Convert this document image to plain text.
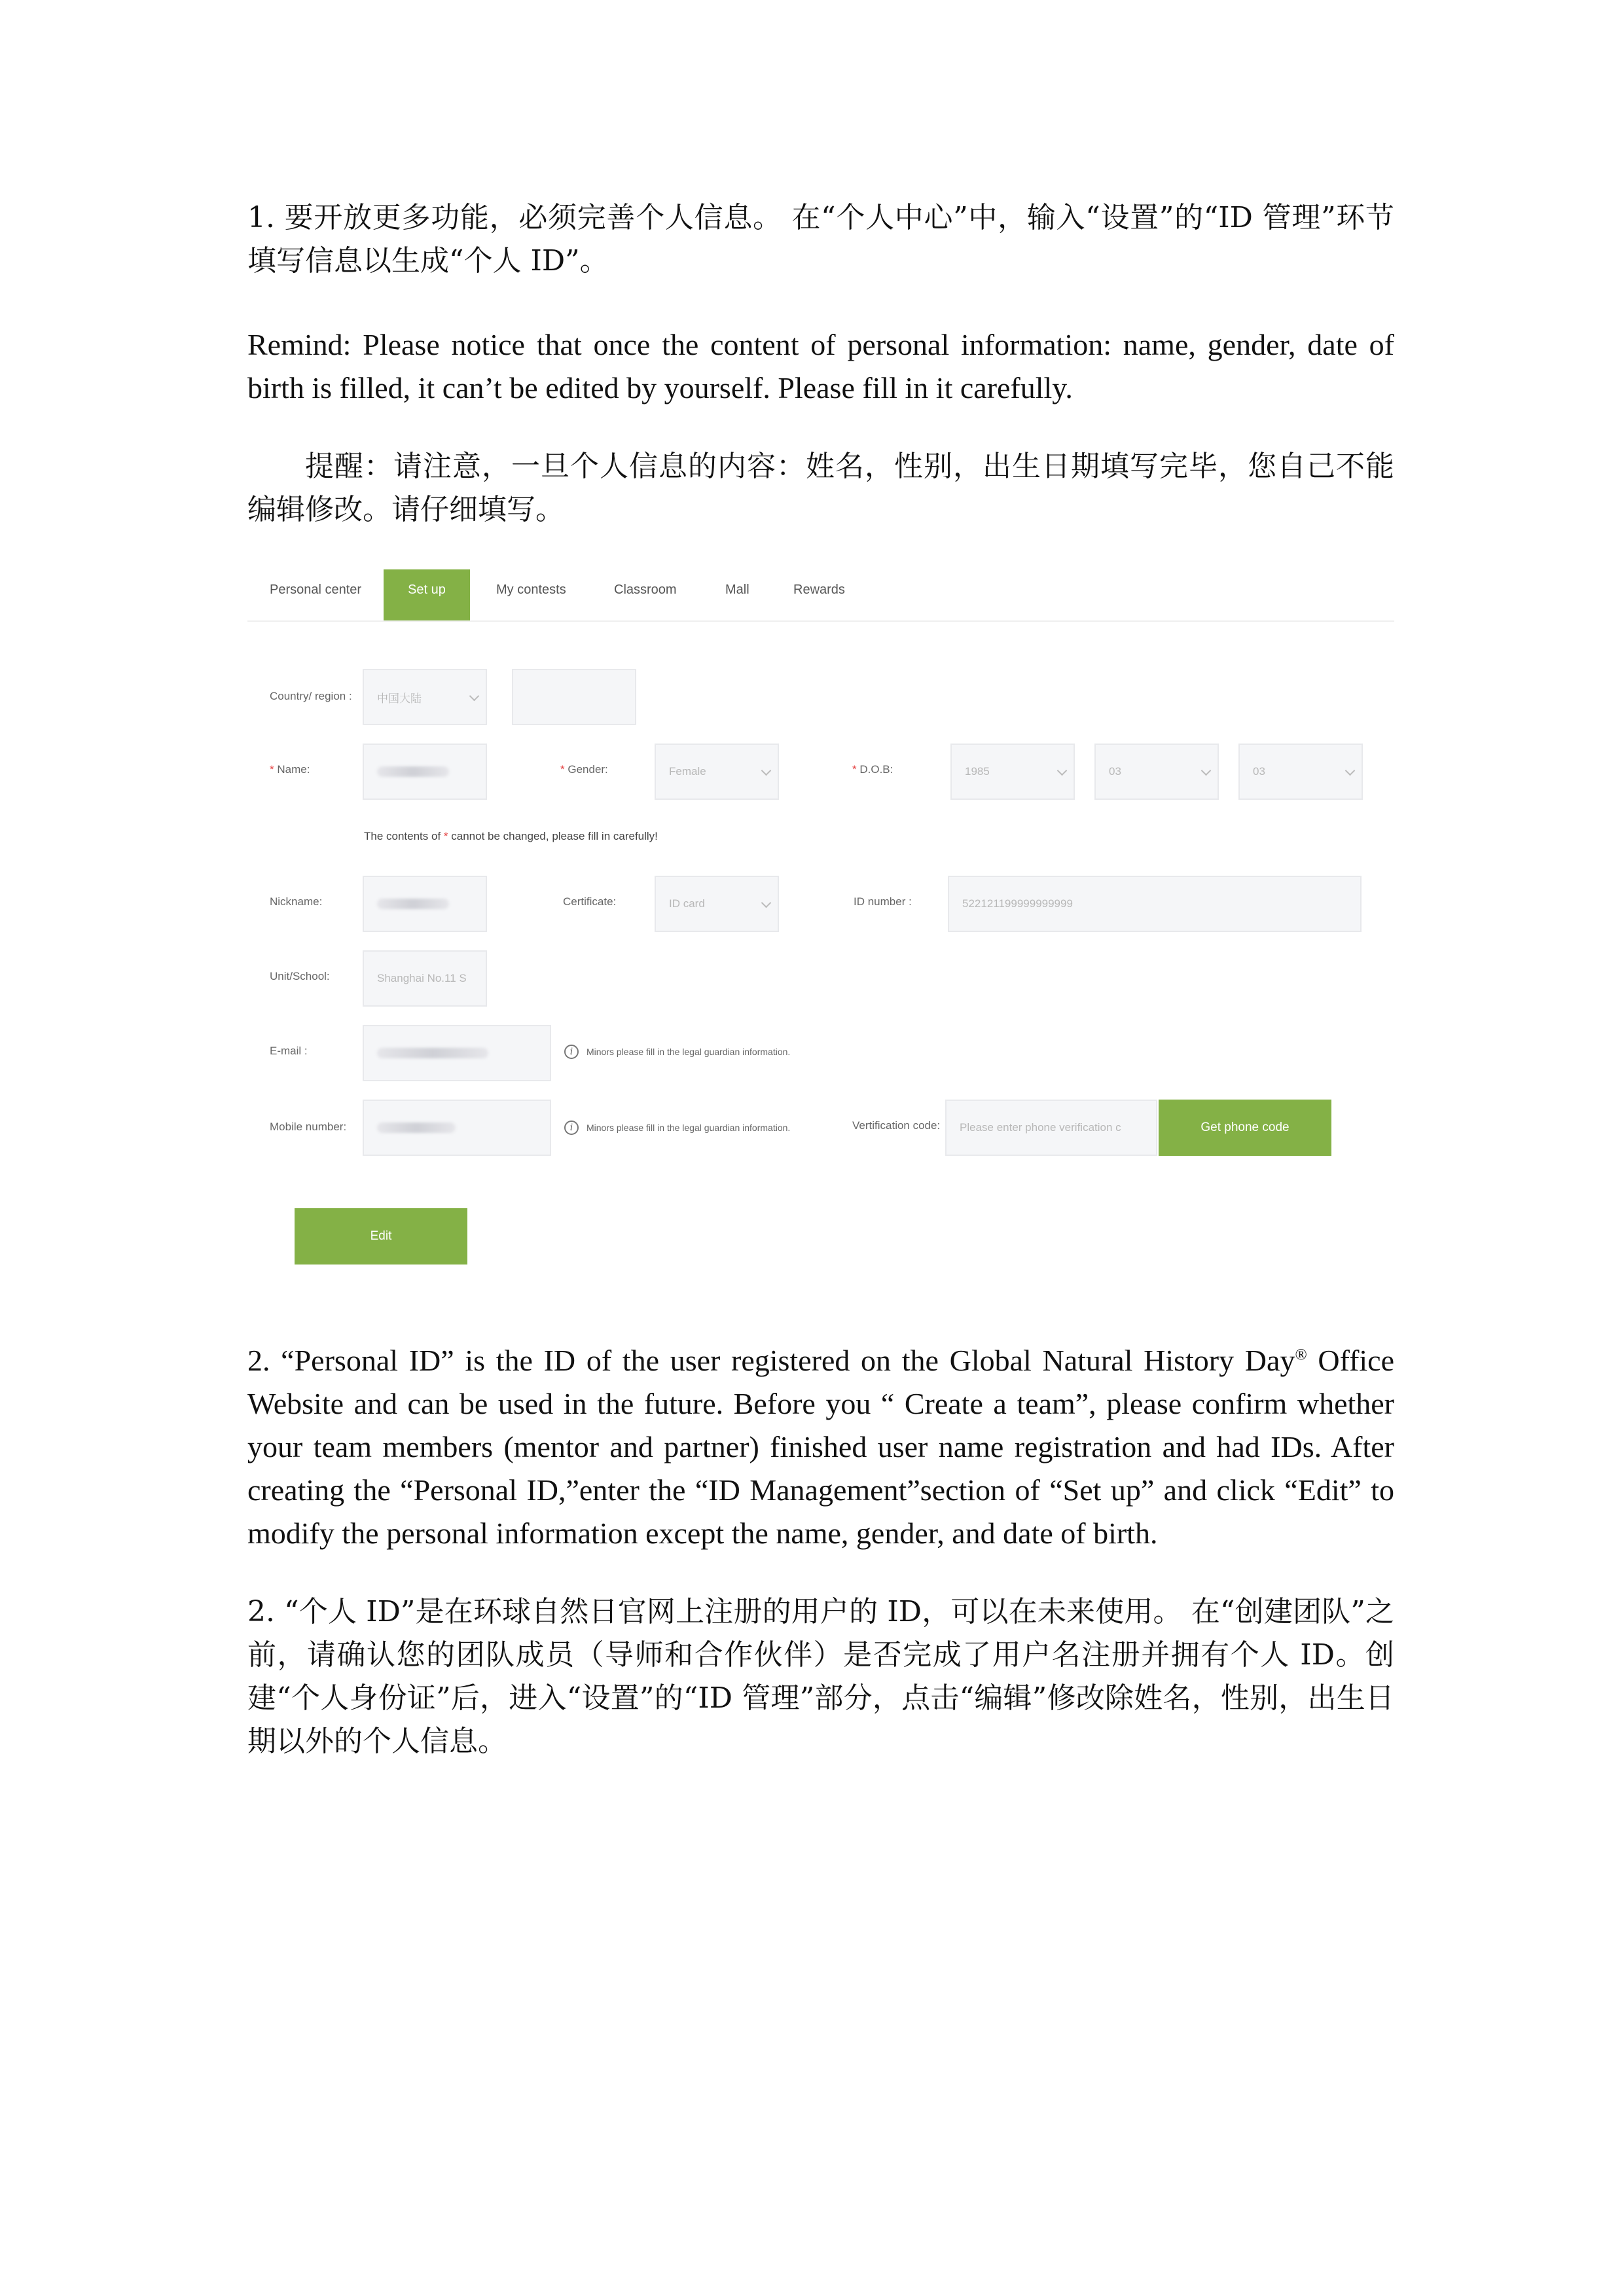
1. 要开放更多功能，必须完善个人信息。 在“个人中心”中，输入“设置”的“ID 管理”环节填写信息以生成“个人 ID”。

Remind: Please notice that once the content of personal information: name, gender, date of birth is filled, it can’t be edited by yourself. Please fill in it carefully.

提醒：请注意，一旦个人信息的内容：姓名，性别，出生日期填写完毕，您自己不能编辑修改。请仔细填写。

Personal center	Set up	My contests	Classroom	Mall	Rewards
Country/ region : 中国大陆
* Name:	* Gender:	Female	* D.O.B:	1985	03	03
The contents of * cannot be changed, please fill in carefully!
Nickname:	Certificate:	ID card	ID number :	522121199999999999
Unit/School:	Shanghai No.11 S
E-mail :	i	Minors please fill in the legal guardian information.
Mobile number:	i	Minors please fill in the legal guardian information.	Vertification code: Please enter phone verification c	Get phone code
Edit

2. “Personal ID” is the ID of the user registered on the Global Natural History Day® Office Website and can be used in the future. Before you “ Create a team”, please confirm whether your team members (mentor and partner) finished user name registration and had IDs. After creating the “Personal ID,”enter the “ID Management”section of “Set up” and click “Edit” to modify the personal information except the name, gender, and date of birth.

2. “个人 ID”是在环球自然日官网上注册的用户的 ID，可以在未来使用。 在“创建团队”之前，请确认您的团队成员（导师和合作伙伴）是否完成了用户名注册并拥有个人 ID。创建“个人身份证”后，进入“设置”的“ID 管理”部分，点击“编辑”修改除姓名，性别，出生日期以外的个人信息。
